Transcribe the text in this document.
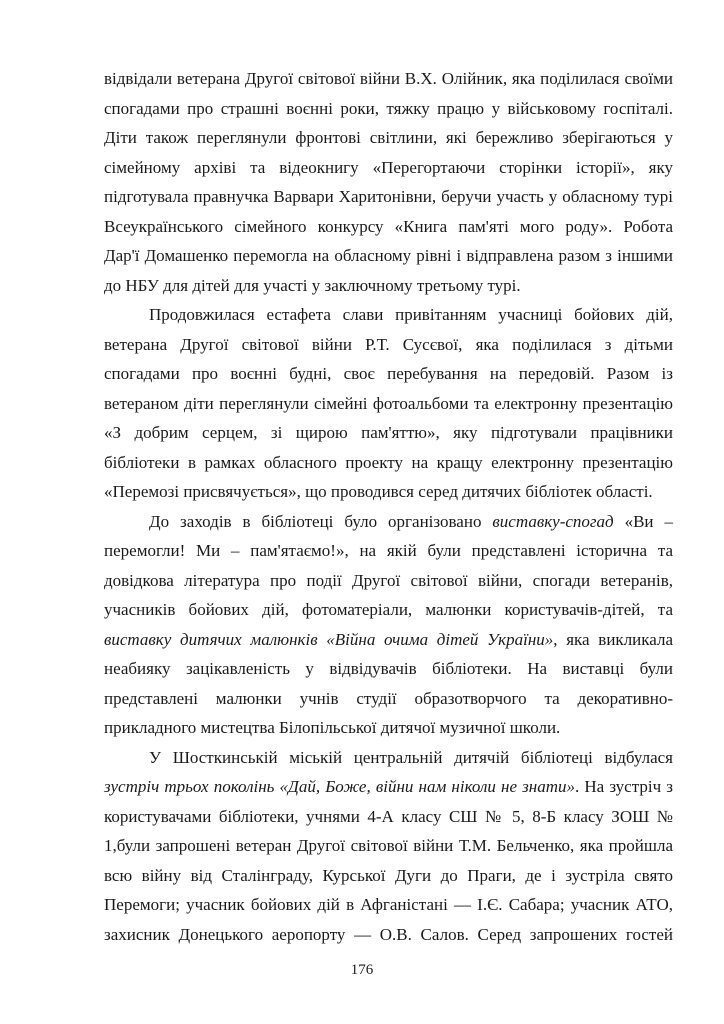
відвідали ветерана Другої світової війни В.Х. Олійник, яка поділилася своїми
спогадами про страшні воєнні роки, тяжку працю у військовому госпіталі.
Діти також переглянули фронтові світлини, які бережливо зберігаються у
сімейному архіві та відеокнигу «Перегортаючи сторінки історії», яку
підготувала правнучка Варвари Харитонівни, беручи участь у обласному турі
Всеукраїнського сімейного конкурсу «Книга пам'яті мого роду». Робота
Дар'ї Домашенко перемогла на обласному рівні і відправлена разом з іншими
до НБУ для дітей для участі у заключному третьому турі.
Продовжилася естафета слави привітанням учасниці бойових дій,
ветерана Другої світової війни Р.Т. Сусєвої, яка поділилася з дітьми
спогадами про воєнні будні, своє перебування на передовій. Разом із
ветераном діти переглянули сімейні фотоальбоми та електронну презентацію
«З добрим серцем, зі щирою пам'яттю», яку підготували працівники
бібліотеки в рамках обласного проекту на кращу електронну презентацію
«Перемозі присвячується», що проводився серед дитячих бібліотек області.
До заходів в бібліотеці було організовано виставку-спогад «Ви –
перемогли! Ми – пам'ятаємо!», на якій були представлені історична та
довідкова література про події Другої світової війни, спогади ветеранів,
учасників бойових дій, фотоматеріали, малюнки користувачів-дітей, та
виставку дитячих малюнків «Війна очима дітей України», яка викликала
неабияку зацікавленість у відвідувачів бібліотеки. На виставці були
представлені малюнки учнів студії образотворчого та декоративно-
прикладного мистецтва Білопільської дитячої музичної школи.
У Шосткинській міській центральній дитячій бібліотеці відбулася
зустріч трьох поколінь «Дай, Боже, війни нам ніколи не знати». На зустріч з
користувачами бібліотеки, учнями 4-А класу СШ № 5, 8-Б класу ЗОШ №
1,були запрошені ветеран Другої світової війни Т.М. Бельченко, яка пройшла
всю війну від Сталінграду, Курської Дуги до Праги, де і зустріла свято
Перемоги; учасник бойових дій в Афганістані — І.Є. Сабара; учасник АТО,
захисник Донецького аеропорту — О.В. Салов. Серед запрошених гостей
176
